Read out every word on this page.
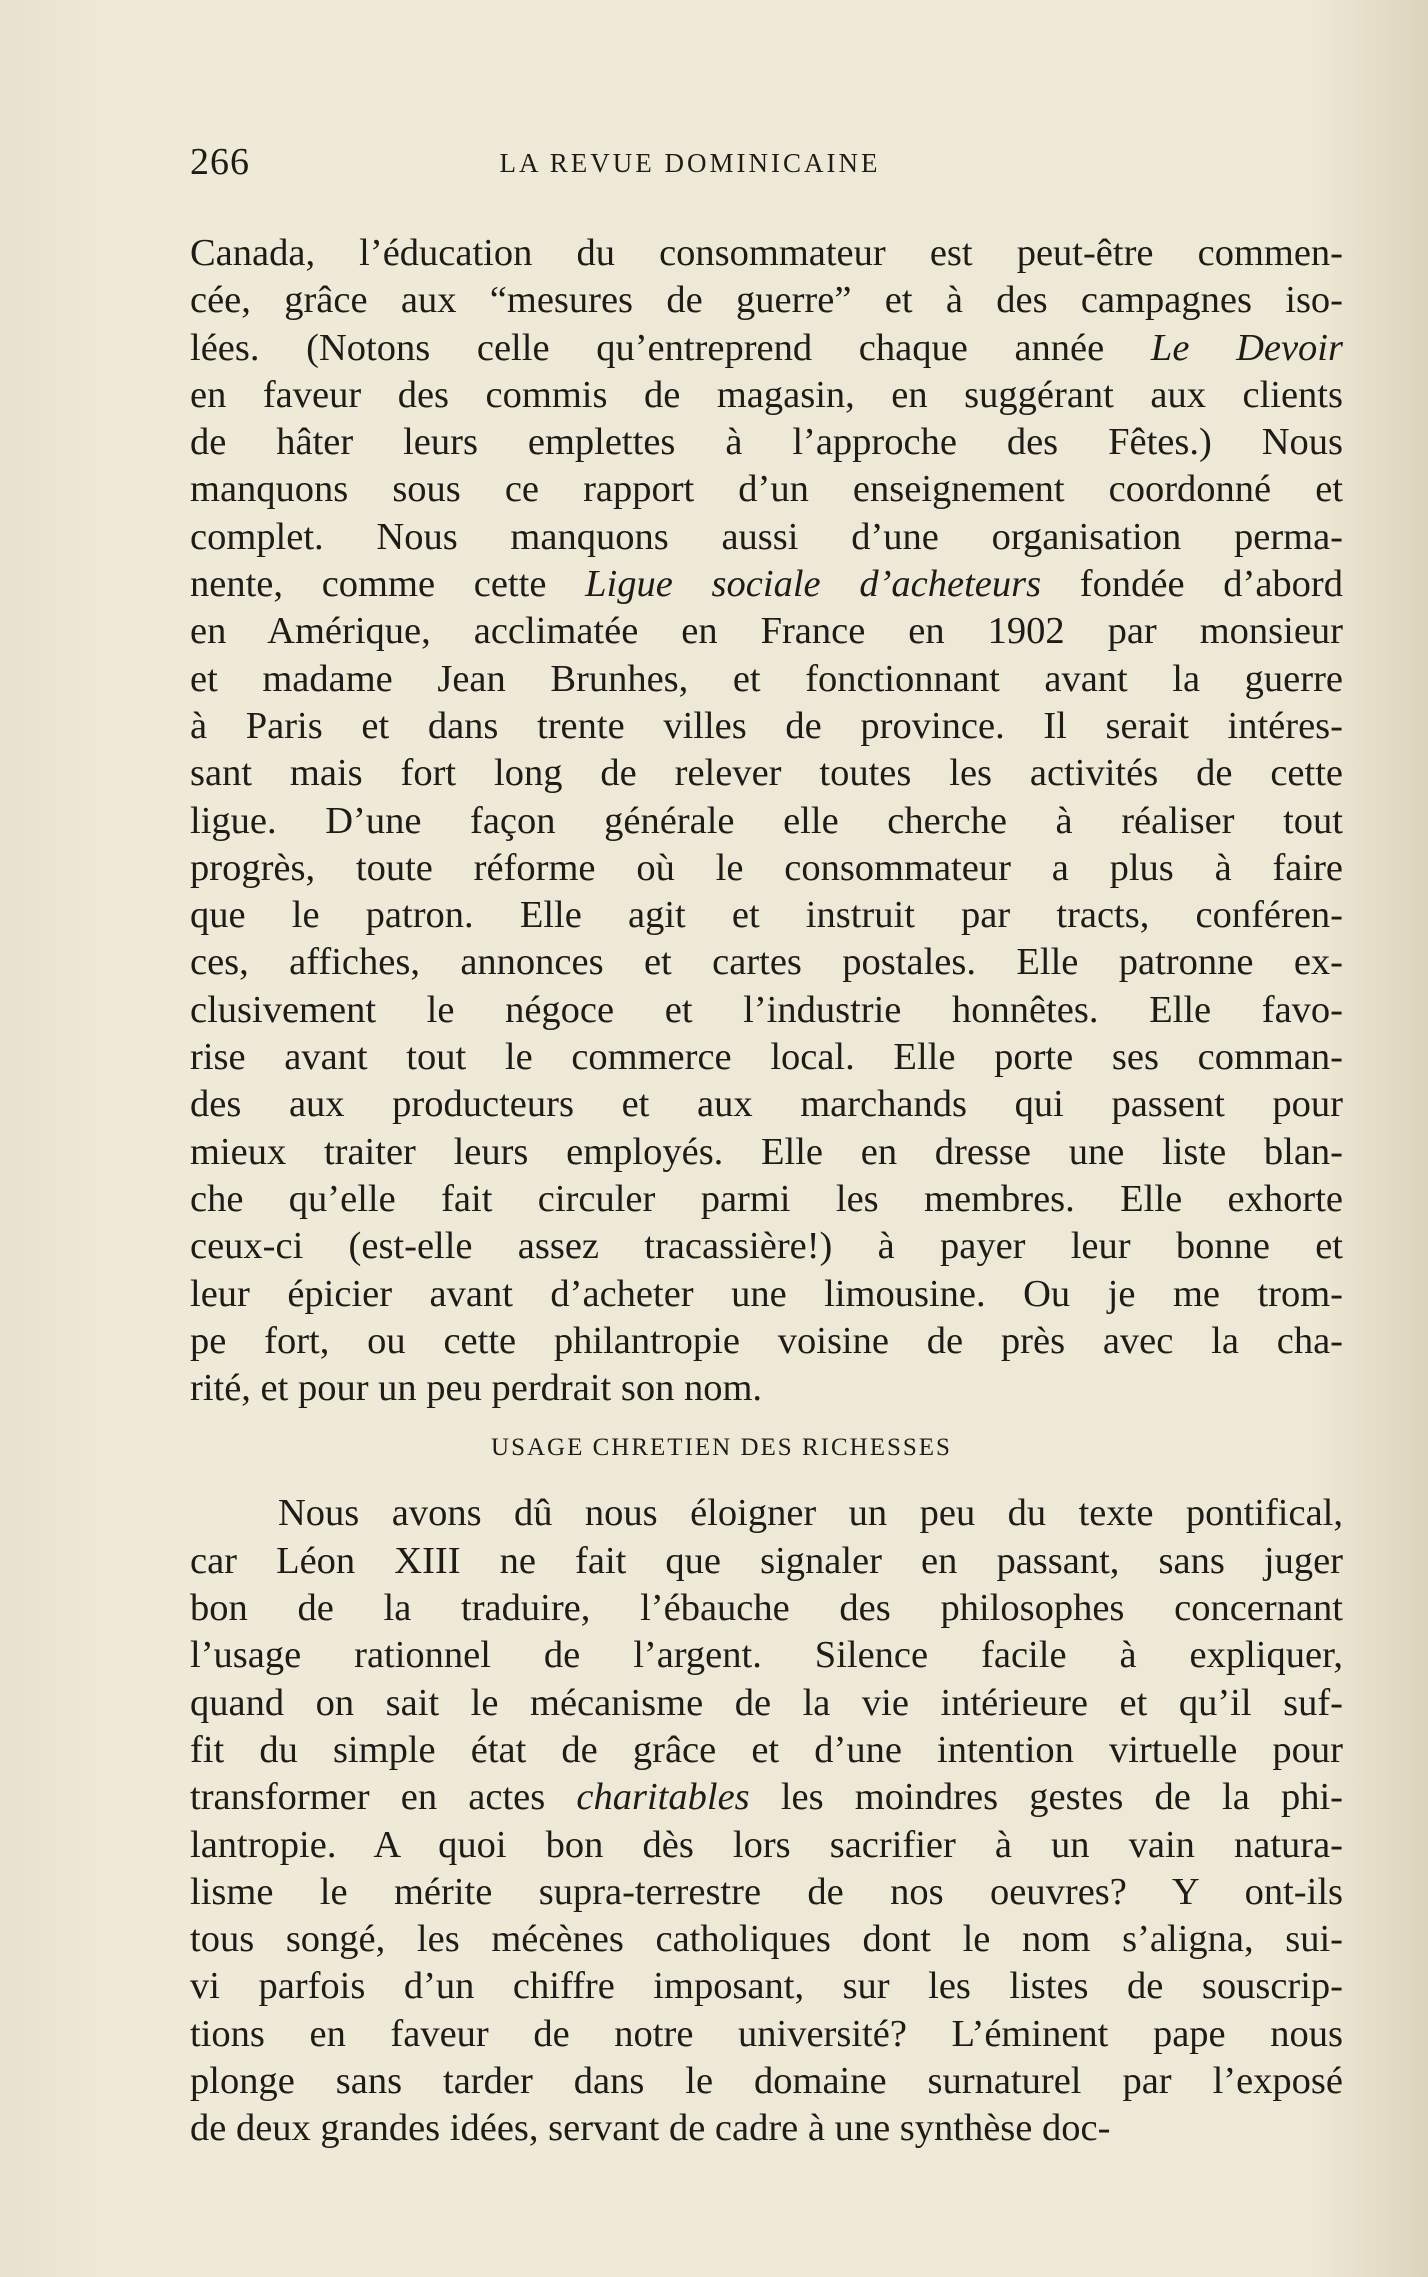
266	LA REVUE DOMINICAINE
Canada, l’éducation du consommateur est peut-être commen-
cée, grâce aux “mesures de guerre” et à des campagnes iso-
lées. (Notons celle qu’entreprend chaque année Le Devoir
en faveur des commis de magasin, en suggérant aux clients
de hâter leurs emplettes à l’approche des Fêtes.) Nous
manquons sous ce rapport d’un enseignement coordonné et
complet. Nous manquons aussi d’une organisation perma-
nente, comme cette Ligue sociale d’acheteurs fondée d’abord
en Amérique, acclimatée en France en 1902 par monsieur
et madame Jean Brunhes, et fonctionnant avant la guerre
à Paris et dans trente villes de province. Il serait intéres-
sant mais fort long de relever toutes les activités de cette
ligue. D’une façon générale elle cherche à réaliser tout
progrès, toute réforme où le consommateur a plus à faire
que le patron. Elle agit et instruit par tracts, conféren-
ces, affiches, annonces et cartes postales. Elle patronne ex-
clusivement le négoce et l’industrie honnêtes. Elle favo-
rise avant tout le commerce local. Elle porte ses comman-
des aux producteurs et aux marchands qui passent pour
mieux traiter leurs employés. Elle en dresse une liste blan-
che qu’elle fait circuler parmi les membres. Elle exhorte
ceux-ci (est-elle assez tracassière!) à payer leur bonne et
leur épicier avant d’acheter une limousine. Ou je me trom-
pe fort, ou cette philantropie voisine de près avec la cha-
rité, et pour un peu perdrait son nom.
USAGE CHRETIEN DES RICHESSES
Nous avons dû nous éloigner un peu du texte pontifical,
car Léon XIII ne fait que signaler en passant, sans juger
bon de la traduire, l’ébauche des philosophes concernant
l’usage rationnel de l’argent. Silence facile à expliquer,
quand on sait le mécanisme de la vie intérieure et qu’il suf-
fit du simple état de grâce et d’une intention virtuelle pour
transformer en actes charitables les moindres gestes de la phi-
lantropie. A quoi bon dès lors sacrifier à un vain natura-
lisme le mérite supra-terrestre de nos oeuvres? Y ont-ils
tous songé, les mécènes catholiques dont le nom s’aligna, sui-
vi parfois d’un chiffre imposant, sur les listes de souscrip-
tions en faveur de notre université? L’éminent pape nous
plonge sans tarder dans le domaine surnaturel par l’exposé
de deux grandes idées, servant de cadre à une synthèse doc-
